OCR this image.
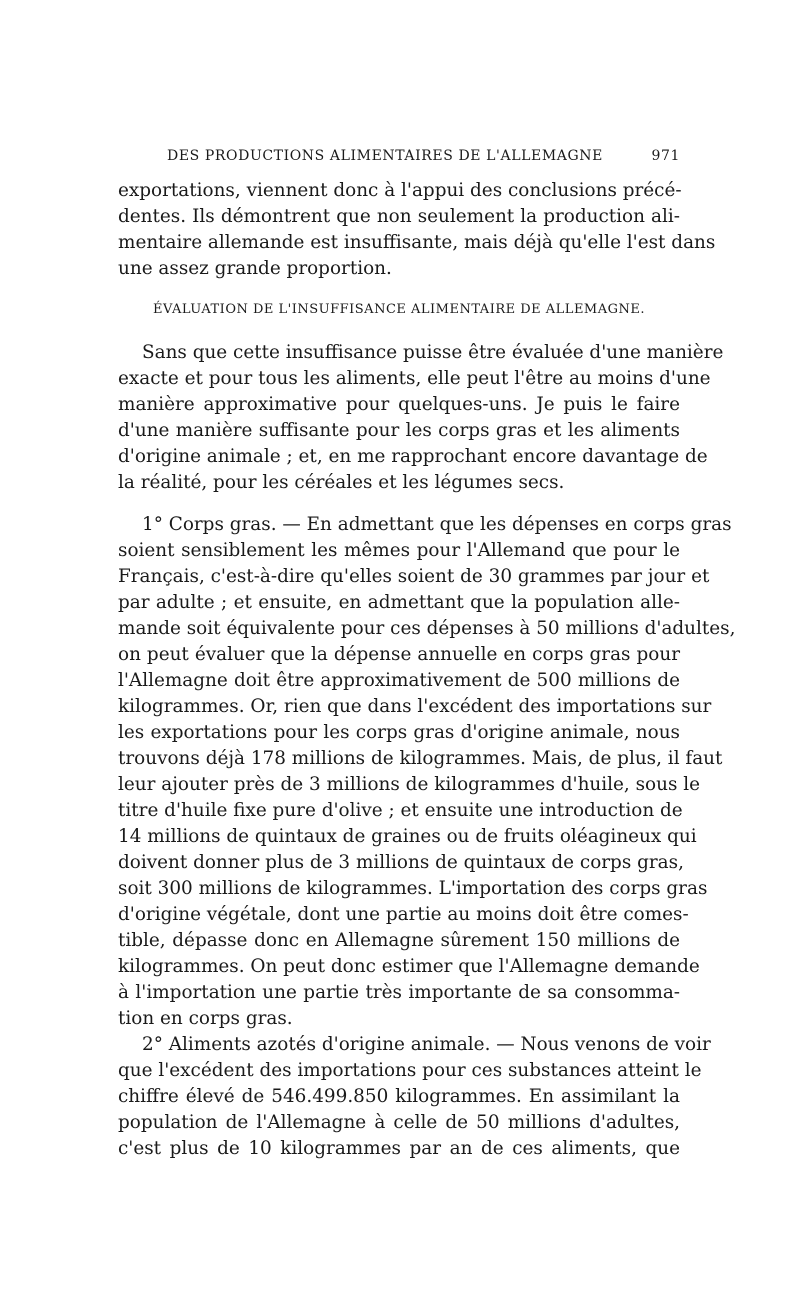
DES PRODUCTIONS ALIMENTAIRES DE L'ALLEMAGNE	971
exportations, viennent donc à l'appui des conclusions précé-
dentes. Ils démontrent que non seulement la production ali-
mentaire allemande est insuffisante, mais déjà qu'elle l'est dans
une assez grande proportion.
ÉVALUATION DE L'INSUFFISANCE ALIMENTAIRE DE ALLEMAGNE.
Sans que cette insuffisance puisse être évaluée d'une manière
exacte et pour tous les aliments, elle peut l'être au moins d'une
manière approximative pour quelques-uns. Je puis le faire
d'une manière suffisante pour les corps gras et les aliments
d'origine animale ; et, en me rapprochant encore davantage de
la réalité, pour les céréales et les légumes secs.
1° Corps gras. — En admettant que les dépenses en corps gras
soient sensiblement les mêmes pour l'Allemand que pour le
Français, c'est-à-dire qu'elles soient de 30 grammes par jour et
par adulte ; et ensuite, en admettant que la population alle-
mande soit équivalente pour ces dépenses à 50 millions d'adultes,
on peut évaluer que la dépense annuelle en corps gras pour
l'Allemagne doit être approximativement de 500 millions de
kilogrammes. Or, rien que dans l'excédent des importations sur
les exportations pour les corps gras d'origine animale, nous
trouvons déjà 178 millions de kilogrammes. Mais, de plus, il faut
leur ajouter près de 3 millions de kilogrammes d'huile, sous le
titre d'huile fixe pure d'olive ; et ensuite une introduction de
14 millions de quintaux de graines ou de fruits oléagineux qui
doivent donner plus de 3 millions de quintaux de corps gras,
soit 300 millions de kilogrammes. L'importation des corps gras
d'origine végétale, dont une partie au moins doit être comes-
tible, dépasse donc en Allemagne sûrement 150 millions de
kilogrammes. On peut donc estimer que l'Allemagne demande
à l'importation une partie très importante de sa consomma-
tion en corps gras.
2° Aliments azotés d'origine animale. — Nous venons de voir
que l'excédent des importations pour ces substances atteint le
chiffre élevé de 546.499.850 kilogrammes. En assimilant la
population de l'Allemagne à celle de 50 millions d'adultes,
c'est plus de 10 kilogrammes par an de ces aliments, que
